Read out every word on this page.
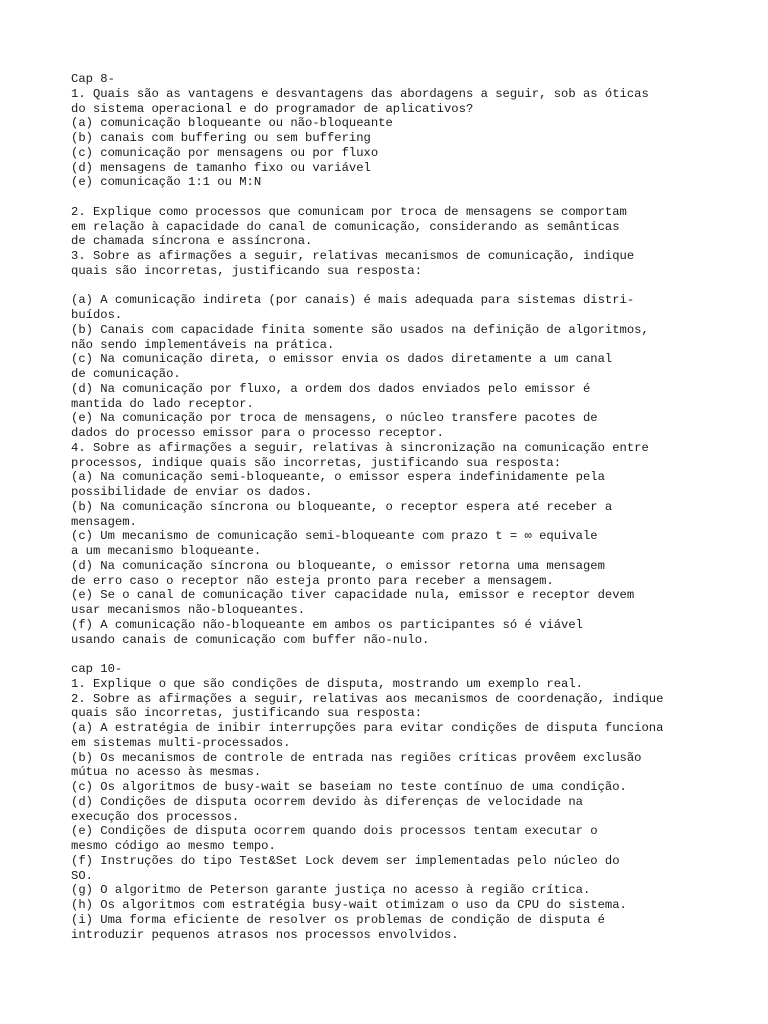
Cap 8-
1. Quais são as vantagens e desvantagens das abordagens a seguir, sob as óticas
do sistema operacional e do programador de aplicativos?
(a) comunicação bloqueante ou não-bloqueante
(b) canais com buffering ou sem buffering
(c) comunicação por mensagens ou por fluxo
(d) mensagens de tamanho fixo ou variável
(e) comunicação 1:1 ou M:N
2. Explique como processos que comunicam por troca de mensagens se comportam
em relação à capacidade do canal de comunicação, considerando as semânticas
de chamada síncrona e assíncrona.
3. Sobre as afirmações a seguir, relativas mecanismos de comunicação, indique
quais são incorretas, justificando sua resposta:
(a) A comunicação indireta (por canais) é mais adequada para sistemas distri-
buídos.
(b) Canais com capacidade finita somente são usados na definição de algoritmos,
não sendo implementáveis na prática.
(c) Na comunicação direta, o emissor envia os dados diretamente a um canal
de comunicação.
(d) Na comunicação por fluxo, a ordem dos dados enviados pelo emissor é
mantida do lado receptor.
(e) Na comunicação por troca de mensagens, o núcleo transfere pacotes de
dados do processo emissor para o processo receptor.
4. Sobre as afirmações a seguir, relativas à sincronização na comunicação entre
processos, indique quais são incorretas, justificando sua resposta:
(a) Na comunicação semi-bloqueante, o emissor espera indefinidamente pela
possibilidade de enviar os dados.
(b) Na comunicação síncrona ou bloqueante, o receptor espera até receber a
mensagem.
(c) Um mecanismo de comunicação semi-bloqueante com prazo t = ∞ equivale
a um mecanismo bloqueante.
(d) Na comunicação síncrona ou bloqueante, o emissor retorna uma mensagem
de erro caso o receptor não esteja pronto para receber a mensagem.
(e) Se o canal de comunicação tiver capacidade nula, emissor e receptor devem
usar mecanismos não-bloqueantes.
(f) A comunicação não-bloqueante em ambos os participantes só é viável
usando canais de comunicação com buffer não-nulo.
cap 10-
1. Explique o que são condições de disputa, mostrando um exemplo real.
2. Sobre as afirmações a seguir, relativas aos mecanismos de coordenação, indique
quais são incorretas, justificando sua resposta:
(a) A estratégia de inibir interrupções para evitar condições de disputa funciona
em sistemas multi-processados.
(b) Os mecanismos de controle de entrada nas regiões críticas provêem exclusão
mútua no acesso às mesmas.
(c) Os algoritmos de busy-wait se baseiam no teste contínuo de uma condição.
(d) Condições de disputa ocorrem devido às diferenças de velocidade na
execução dos processos.
(e) Condições de disputa ocorrem quando dois processos tentam executar o
mesmo código ao mesmo tempo.
(f) Instruções do tipo Test&Set Lock devem ser implementadas pelo núcleo do
SO.
(g) O algoritmo de Peterson garante justiça no acesso à região crítica.
(h) Os algoritmos com estratégia busy-wait otimizam o uso da CPU do sistema.
(i) Uma forma eficiente de resolver os problemas de condição de disputa é
introduzir pequenos atrasos nos processos envolvidos.
